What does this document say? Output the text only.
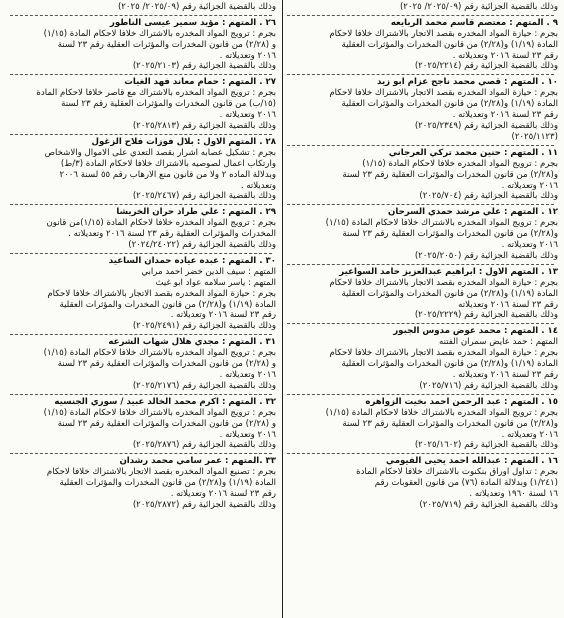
وذلك بالقضية الجزائية رقم (٢٠٢٥/٠٩/ ٢٠٢٥)
٩ . المتهم : معتصم قاسم محمد الربايعه
بجرم : حيازة المواد المخدره بقصد الاتجار بالاشتراك خلافا لاحكام
المادة (١/١٩) و(٢/٢٨) من قانون المخدرات والمؤثرات العقلية
رقم ٢٣ لسنة ٢٠١٦ وتعديلاته .
وذلك بالقضية الجزائية رقم (٢٠٢٥/٢٢١٤)
١٠ . المتهم : قصي محمد ناجح عزام ابو زيد
بجرم : حيازة المواد المخدره بقصد الاتجار بالاشتراك خلافا لاحكام
المادة (١/١٩) و(٢/٢٨) من قانون المخدرات والمؤثرات العقلية
رقم ٢٣ لسنة ٢٠١٦ وتعديلاته .
وذلك بالقضية الجزائية رقم (٢٠٢٥/٢٣٤٩)
(٢٠٢٥/١١٢٣)
١١ . المتهم : حنين محمد تركي العرجاني
بجرم : ترويج المواد المخدره خلافا لاحكام المادة (١/١٥)
و(٢/٢٨) من قانون المخدرات والمؤثرات العقلية رقم ٢٣ لسنة
٢٠١٦ وتعديلاته .
وذلك بالقضية الجزائية رقم (٢٠٢٥/٧٠٤)
١٢ . المتهم : علي مرشد حمدي السرحان
بجرم : ترويج المواد المخدره بالاشتراك خلافا لاحكام المادة (١/١٥)
و(٢/٢٨) من قانون المخدرات والمؤثرات العقلية رقم ٢٣ لسنة
٢٠١٦ وتعديلاته .
وذلك بالقضية الجزائية رقم (٢٠٢٥/٢٠٥٠)
١٣ . المتهم الاول : ابراهيم عبدالعزيز حامد السواعير
بجرم : حيازة المواد المخدره بقصد الاتجار بالاشتراك خلافا لاحكام
المادة (١/١٩) و(٢/٢٨) من قانون المخدرات والمؤثرات العقلية
رقم ٢٣ لسنة ٢٠١٦ وتعديلاته
وذلك بالقضية الجزائية رقم (٢٠٢٥/٢٢٢٩)
١٤ . المتهم : محمد عوض مدوس الجبور
المتهم : حمد عايض سمران الفتنه
بجرم : حيازة المواد المخدره بقصد الاتجار بالاشتراك خلافا لاحكام
المادة (١/١٩) و(٢/٢٨) من قانون المخدرات والمؤثرات العقلية
رقم ٢٣ لسنة ٢٠١٦ وتعديلاته .
وذلك بالقضية الجزائية رقم (٢٠٢٥/٧١٦)
١٥ . المتهم : عبد الرحمن احمد بخيت الزواهره
بجرم : ترويج المواد المخدره بالاشتراك خلافا لاحكام المادة (١/١٥)
و(٢/٢٨) من قانون المخدرات والمؤثرات العقلية رقم ٢٣ لسنة
٢٠١٦ وتعديلاته .
وذلك بالقضية الجزائية رقم (٢٠٢٥/١٦٠٢)
١٦ . المتهم : عبدالله احمد يحيى الفيومي
بجرم : تداول اوراق بنكنوت بالاشتراك خلافا لاحكام المادة
(١/٢٤١) وبدلالة المادة (٧٦) من قانون العقوبات رقم
١٦ لسنة ١٩٦٠ وتعديلاته .
وذلك بالقضية الجزائية رقم (٢٠٢٥/٧١٩)
وذلك بالقضية الجزائية رقم (٢٠٢٥/٠٩/ ٢٠٢٥)
٢٦ . المتهم : مؤيد سمير عيسى الناطور
بجرم : ترويج المواد المخدره بالاشتراك خلافا لاحكام المادة (١/١٥)
و (٢/٢٨) من قانون المخدرات والمؤثرات العقلية رقم ٢٣ لسنة
٢٠١٦ وتعديلاته .
وذلك بالقضية الجزائية رقم (٢٠٢٥/٢١٠٣)
٢٧ . المتهم : حمام معاند فهد الغيات
بجرم : ترويج المواد المخدره بالاشتراك مع قاصر خلافا لاحكام المادة
(١٥/ب) من قانون المخدرات والمؤثرات العقلية رقم ٢٣ لسنة
٢٠١٦ وتعديلاته .
وذلك بالقضية الجزائية رقم (٢٠٢٥/٢٨١٣)
٢٨ . المتهم الاول : بلال فوزات فلاح الزغول
بجرم : تشكيل عصابه اشرار بقصد التعدي على الاموال والاشخاص
وارتكاب اعمال لصوصيه بالاشتراك خلافا لاحكام المادة (٣/ط)
وبدلالة الماده ٢ ولا من قانون منع الارهاب رقم ٥٥ لسنة ٢٠٠٦
وتعديلاته .
وذلك بالقضية الجزائية رقم (٢٠٢٥/٢٤٦٧)
٢٩ . المتهم : علي طراد حران الخريشا
بجرم : ترويج المواد المخدره خلافا لاحكام المادة (١/١٥)من قانون
المخدرات والمؤثرات العقلية رقم ٢٣ لسنة ٢٠١٦ وتعديلاته .
وذلك بالقضية الجزائية رقم (٢٠٢٤/٢٤٠٢٢)
٣٠ . المتهم : عبده عياده حمدان الساعيد
المتهم : سيف الدين خضر احمد مرابي
المتهم : ياسر سلامه عواد ابو غيث
بجرم : حيازة المواد المخدره بقصد الاتجار بالاشتراك خلافا لاحكام
المادة (١/١٩) و(٢/٢٨) من قانون المخدرات والمؤثرات العقلية
رقم ٢٣ لسنة ٢٠١٦ وتعديلاته .
وذلك بالقضية الجزائية رقم (٢٠٢٥/٢٤٩١)
٣١ . المتهم : مجدي هلال شهاب الشرعه
بجرم : ترويج المواد المخدره بالاشتراك خلافا لاحكام المادة (١/١٥)
و (٢/٢٨) من قانون المخدرات والمؤثرات العقلية رقم ٢٣ لسنة
٢٠١٦ وتعديلاته .
وذلك بالقضية الجزائية رقم (٢٠٢٥/٢١٧٦)
٣٢ . المتهم : اكرم محمد الخالد عبيد / سوري الجنسيه
بجرم : ترويج المواد المخدره بالاشتراك خلافا لاحكام المادة (١/١٥)
و (٢/٢٨) من قانون المخدرات والمؤثرات العقلية رقم ٢٣ لسنة
٢٠١٦ وتعديلاته .
وذلك بالقضية الجزائية رقم (٢٠٢٥/٢٨٧٦)
٣٣ .المتهم : عمر سامي محمد رشدان
بجرم : تصنيع المواد المخدره بقصد الاتجار بالاشتراك خلافا لاحكام
المادة (١/١٩) و(٢/٢٨) من قانون المخدرات والمؤثرات العقلية
رقم ٢٣ لسنة ٢٠١٦ وتعديلاته .
وذلك بالقضية الجزائية رقم (٢٠٢٥/٢٨٧٢)
